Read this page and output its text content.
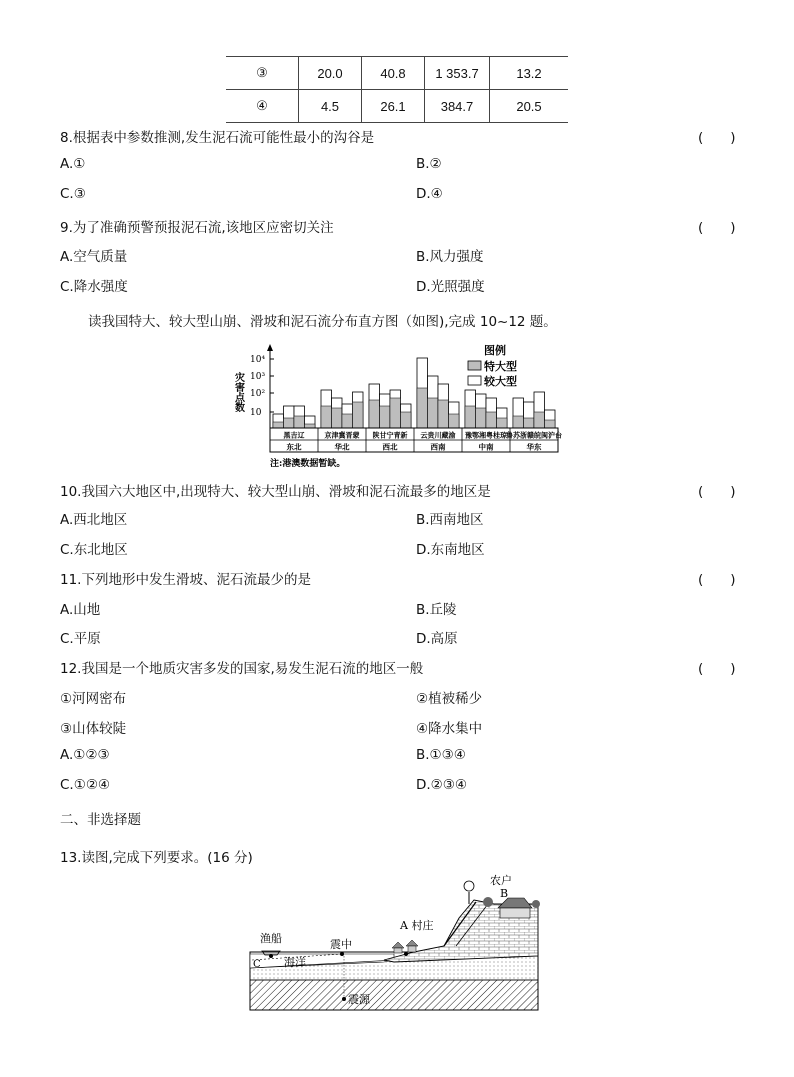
③	20.0	40.8	1 353.7	13.2
④	4.5	26.1	384.7	20.5
8.根据表中参数推测,发生泥石流可能性最小的沟谷是	(　　)
A.①	B.②
C.③	D.④
9.为了准确预警预报泥石流,该地区应密切关注	(　　)
A.空气质量	B.风力强度
C.降水强度	D.光照强度
读我国特大、较大型山崩、滑坡和泥石流分布直方图（如图),完成 10~12 题。
灾害点数
10
10²
10³
10⁴
黑吉辽
东北
京津冀晋蒙
华北
陕甘宁青新
西北
云贵川藏渝
西南
豫鄂湘粤桂琼
中南
鲁苏浙赣皖闽沪台
华东
图例
特大型
较大型
注:港澳数据暂缺。
10.我国六大地区中,出现特大、较大型山崩、滑坡和泥石流最多的地区是	(　　)
A.西北地区	B.西南地区
C.东北地区	D.东南地区
11.下列地形中发生滑坡、泥石流最少的是	(　　)
A.山地	B.丘陵
C.平原	D.高原
12.我国是一个地质灾害多发的国家,易发生泥石流的地区一般	(　　)
①河网密布	②植被稀少
③山体较陡	④降水集中
A.①②③	B.①③④
C.①②④	D.②③④
二、非选择题
13.读图,完成下列要求。(16 分)
渔船	震中
海洋
A 村庄
农户
B
C
震源
